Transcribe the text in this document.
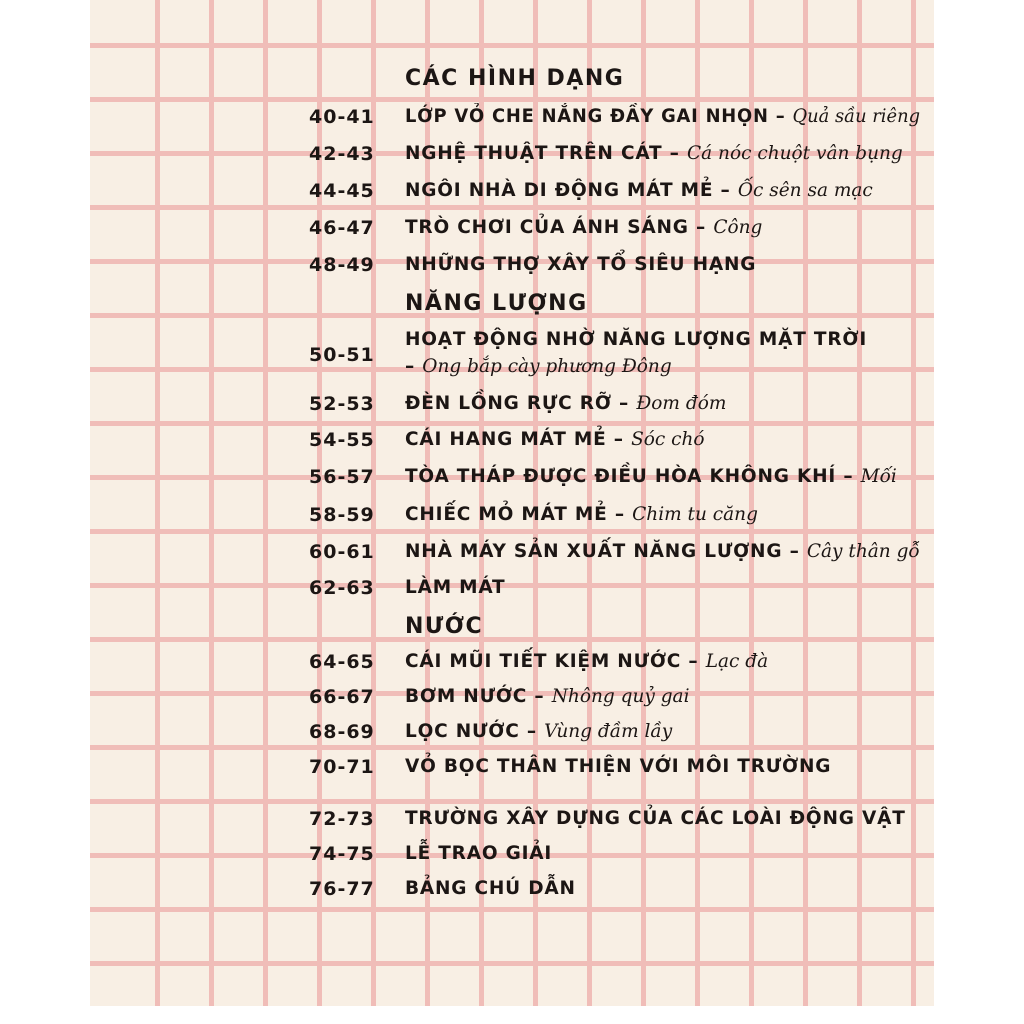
CÁC HÌNH DẠNG
40-41 LỚP VỎ CHE NẮNG ĐẦY GAI NHỌN – Quả sầu riêng
42-43 NGHỆ THUẬT TRÊN CÁT – Cá nóc chuột vân bụng
44-45 NGÔI NHÀ DI ĐỘNG MÁT MẺ – Ốc sên sa mạc
46-47 TRÒ CHƠI CỦA ÁNH SÁNG – Công
48-49 NHỮNG THỢ XÂY TỔ SIÊU HẠNG
NĂNG LƯỢNG
50-51
HOẠT ĐỘNG NHỜ NĂNG LƯỢNG MẶT TRỜI
– Ong bắp cày phương Đông
52-53 ĐÈN LỒNG RỰC RỠ – Đom đóm
54-55 CÁI HANG MÁT MẺ – Sóc chó
56-57 TÒA THÁP ĐƯỢC ĐIỀU HÒA KHÔNG KHÍ – Mối
58-59 CHIẾC MỎ MÁT MẺ – Chim tu căng
60-61 NHÀ MÁY SẢN XUẤT NĂNG LƯỢNG – Cây thân gỗ
62-63 LÀM MÁT
NƯỚC
64-65 CÁI MŨI TIẾT KIỆM NƯỚC – Lạc đà
66-67 BƠM NƯỚC – Nhông quỷ gai
68-69 LỌC NƯỚC – Vùng đầm lầy
70-71 VỎ BỌC THÂN THIỆN VỚI MÔI TRƯỜNG
72-73 TRƯỜNG XÂY DỰNG CỦA CÁC LOÀI ĐỘNG VẬT
74-75 LỄ TRAO GIẢI
76-77 BẢNG CHÚ DẪN
